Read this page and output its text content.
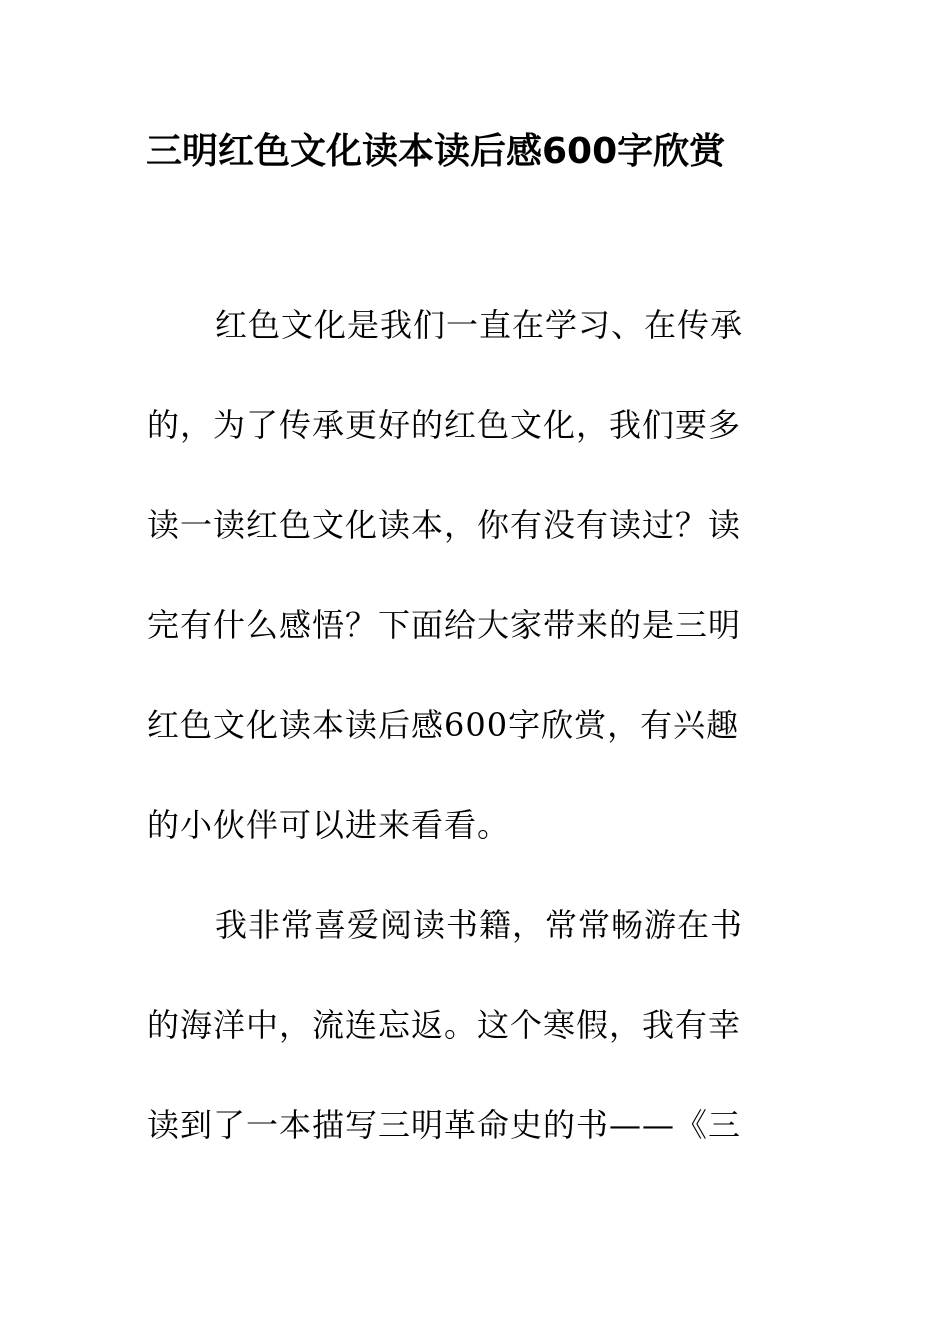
三明红色文化读本读后感600字欣赏
红色文化是我们一直在学习、在传承
的，为了传承更好的红色文化，我们要多
读一读红色文化读本，你有没有读过？读
完有什么感悟？下面给大家带来的是三明
红色文化读本读后感600字欣赏，有兴趣
的小伙伴可以进来看看。
我非常喜爱阅读书籍，常常畅游在书
的海洋中，流连忘返。这个寒假，我有幸
读到了一本描写三明革命史的书——《三
